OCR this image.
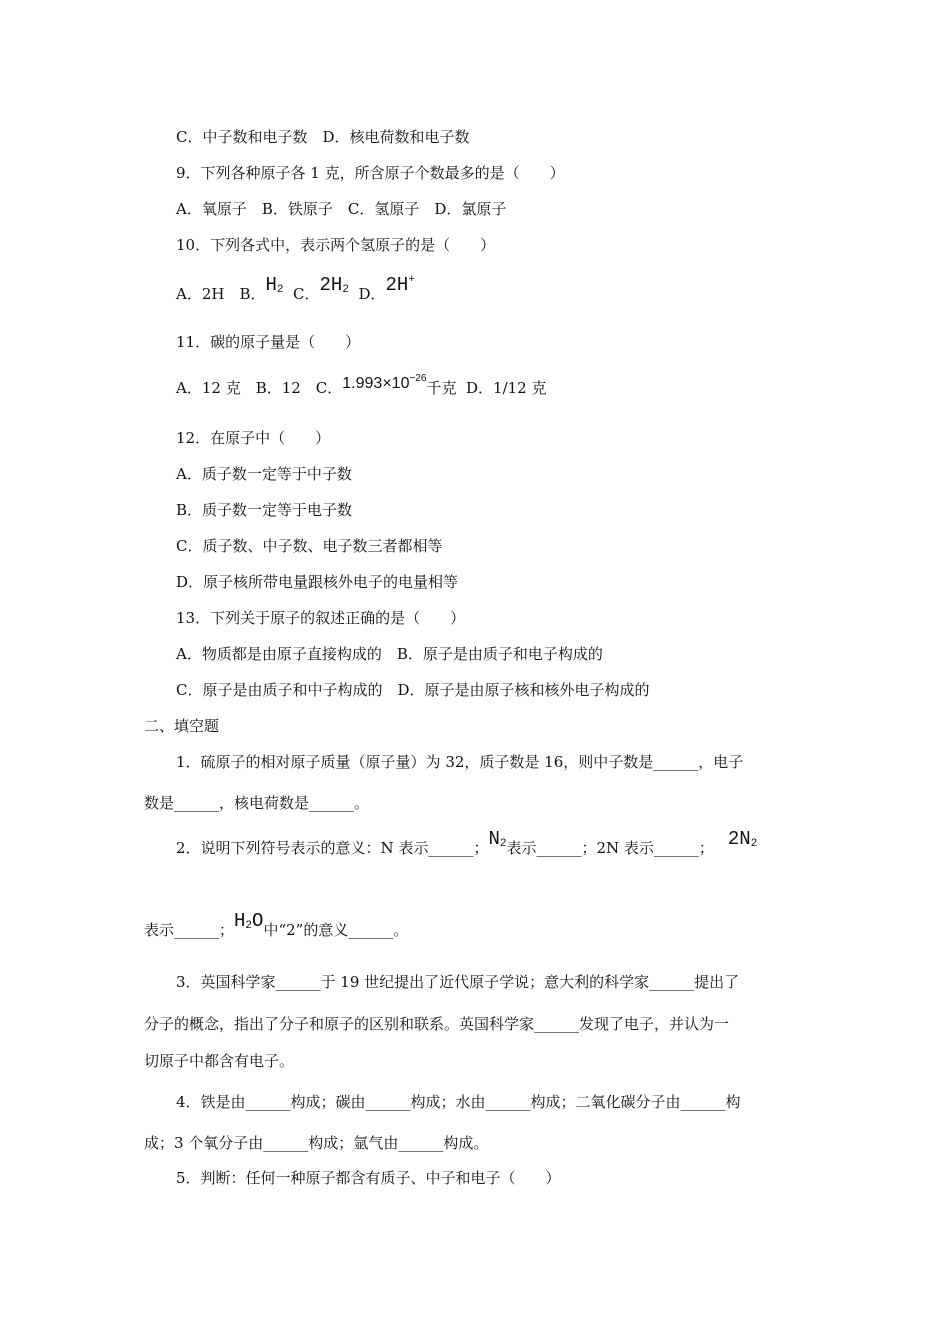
C．中子数和电子数　D．核电荷数和电子数
9．下列各种原子各 1 克，所含原子个数最多的是（　　）
A．氧原子　B．铁原子　C．氢原子　D．氯原子
10．下列各式中，表示两个氢原子的是（　　）
A．2H　B．$H_2$ C．$2H_2$ D．2H+
11．碳的原子量是（　　）
A．12 克　B．12　C．$1.993\times 10^{-26}$千克 D．1/12 克
12．在原子中（　　）
A．质子数一定等于中子数
B．质子数一定等于电子数
C．质子数、中子数、电子数三者都相等
D．原子核所带电量跟核外电子的电量相等
13．下列关于原子的叙述正确的是（　　）
A．物质都是由原子直接构成的　B．原子是由质子和电子构成的
C．原子是由质子和中子构成的　D．原子是由原子核和核外电子构成的
二、填空题
1．硫原子的相对原子质量（原子量）为 32，质子数是 16，则中子数是______，电子
数是______，核电荷数是______。
2．说明下列符号表示的意义：N 表示______；$N_2$表示______；2N 表示______； $2N_2$
表示______；$H_2O$中“2”的意义______。
3．英国科学家______于 19 世纪提出了近代原子学说；意大利的科学家______提出了
分子的概念，指出了分子和原子的区别和联系。英国科学家______发现了电子，并认为一
切原子中都含有电子。
4．铁是由______构成；碳由______构成；水由______构成；二氧化碳分子由______构
成；3 个氧分子由______构成；氩气由______构成。
5．判断：任何一种原子都含有质子、中子和电子（　　）
